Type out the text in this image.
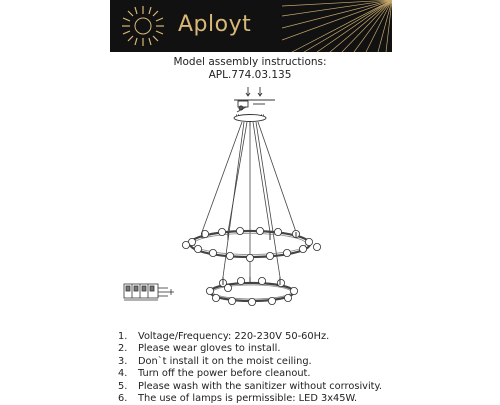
Aployt
Model assembly instructions:
APL.774.03.135
1. Voltage/Frequency: 220-230V 50-60Hz.
2. Please wear gloves to install.
3. Don`t install it on the moist ceiling.
4. Turn off the power before cleanout.
5. Please wash with the sanitizer without corrosivity.
6. The use of lamps is permissible: LED 3x45W.
